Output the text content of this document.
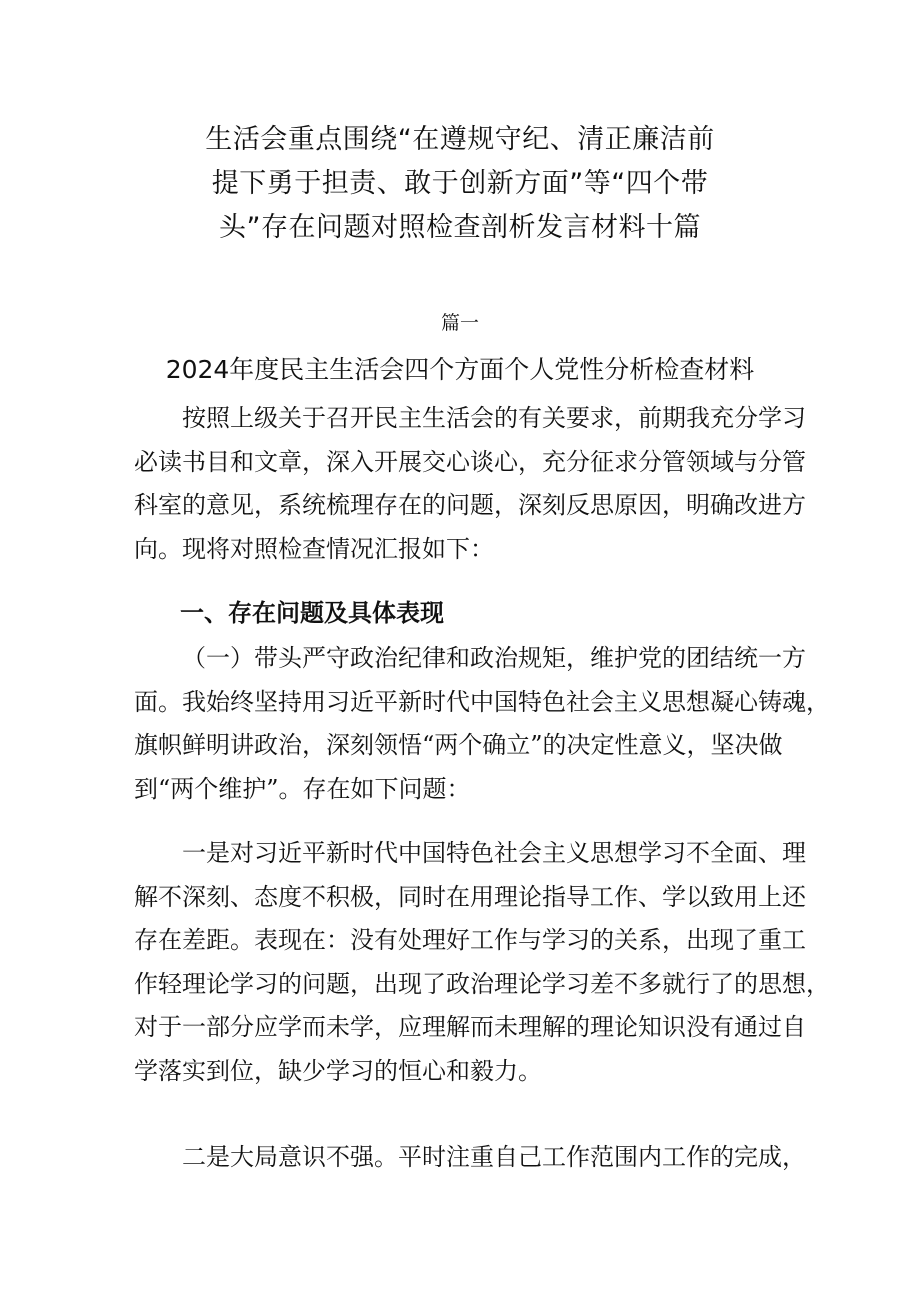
生活会重点围绕“在遵规守纪、清正廉洁前
提下勇于担责、敢于创新方面”等“四个带
头”存在问题对照检查剖析发言材料十篇
篇一
2024年度民主生活会四个方面个人党性分析检查材料
按照上级关于召开民主生活会的有关要求，前期我充分学习
必读书目和文章，深入开展交心谈心，充分征求分管领域与分管
科室的意见，系统梳理存在的问题，深刻反思原因，明确改进方
向。现将对照检查情况汇报如下：
一、存在问题及具体表现
（一）带头严守政治纪律和政治规矩，维护党的团结统一方
面。我始终坚持用习近平新时代中国特色社会主义思想凝心铸魂，
旗帜鲜明讲政治，深刻领悟“两个确立”的决定性意义，坚决做
到“两个维护”。存在如下问题：
一是对习近平新时代中国特色社会主义思想学习不全面、理
解不深刻、态度不积极，同时在用理论指导工作、学以致用上还
存在差距。表现在：没有处理好工作与学习的关系，出现了重工
作轻理论学习的问题，出现了政治理论学习差不多就行了的思想，
对于一部分应学而未学，应理解而未理解的理论知识没有通过自
学落实到位，缺少学习的恒心和毅力。
二是大局意识不强。平时注重自己工作范围内工作的完成，
